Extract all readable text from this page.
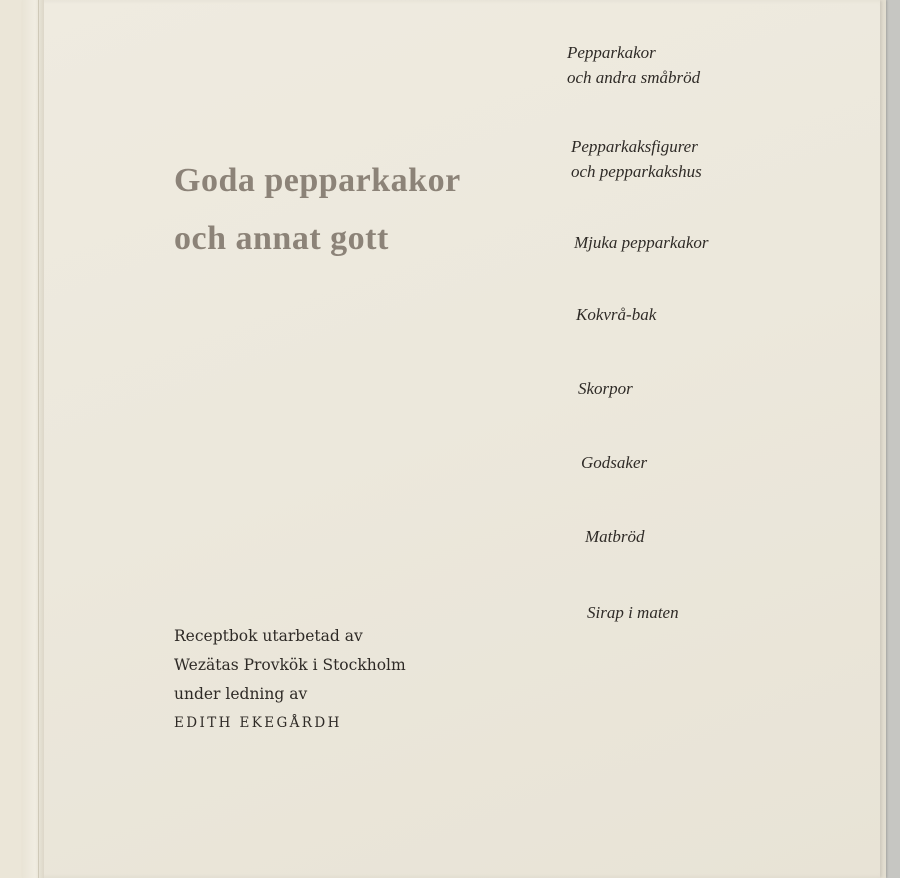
Goda pepparkakor
och annat gott
Pepparkakor
och andra småbröd
Pepparkaksfigurer
och pepparkakshus
Mjuka pepparkakor
Kokvrå-bak
Skorpor
Godsaker
Matbröd
Sirap i maten
Receptbok utarbetad av
Wezätas Provkök i Stockholm
under ledning av
EDITH EKEGÅRDH
